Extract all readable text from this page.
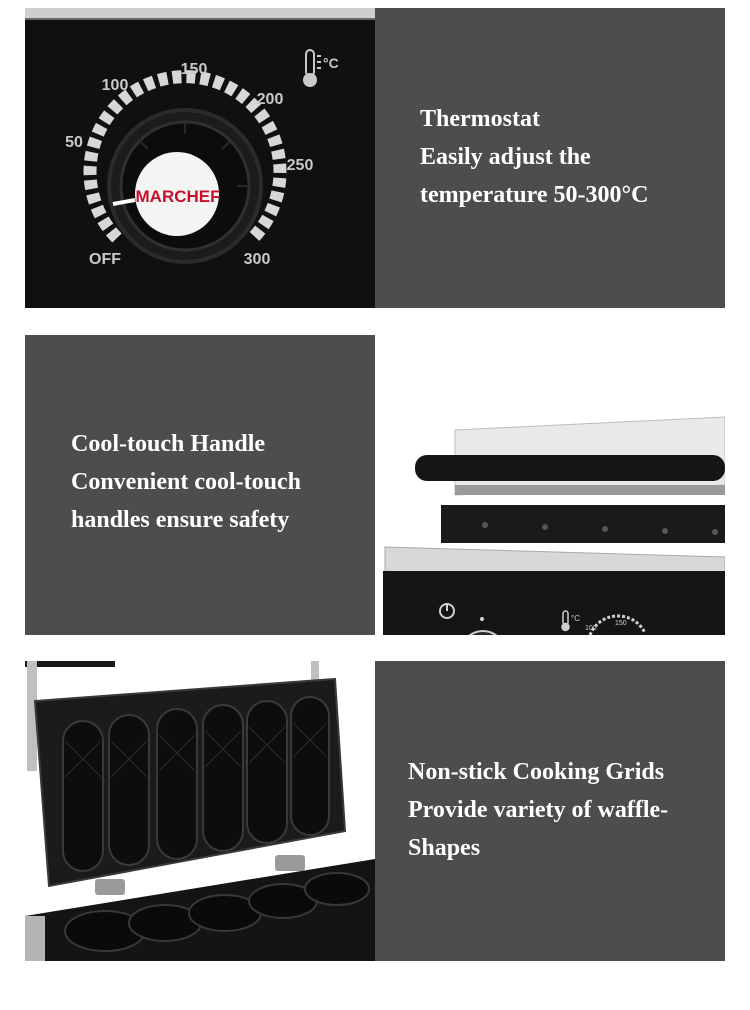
MARCHEF
OFF
50
100
150
200
250
300
°C
Thermostat
Easily adjust the
temperature 50-300°C
Cool-touch Handle
Convenient cool-touch
handles ensure safety
°C
100
150
Non-stick Cooking Grids
Provide variety of waffle-
Shapes
